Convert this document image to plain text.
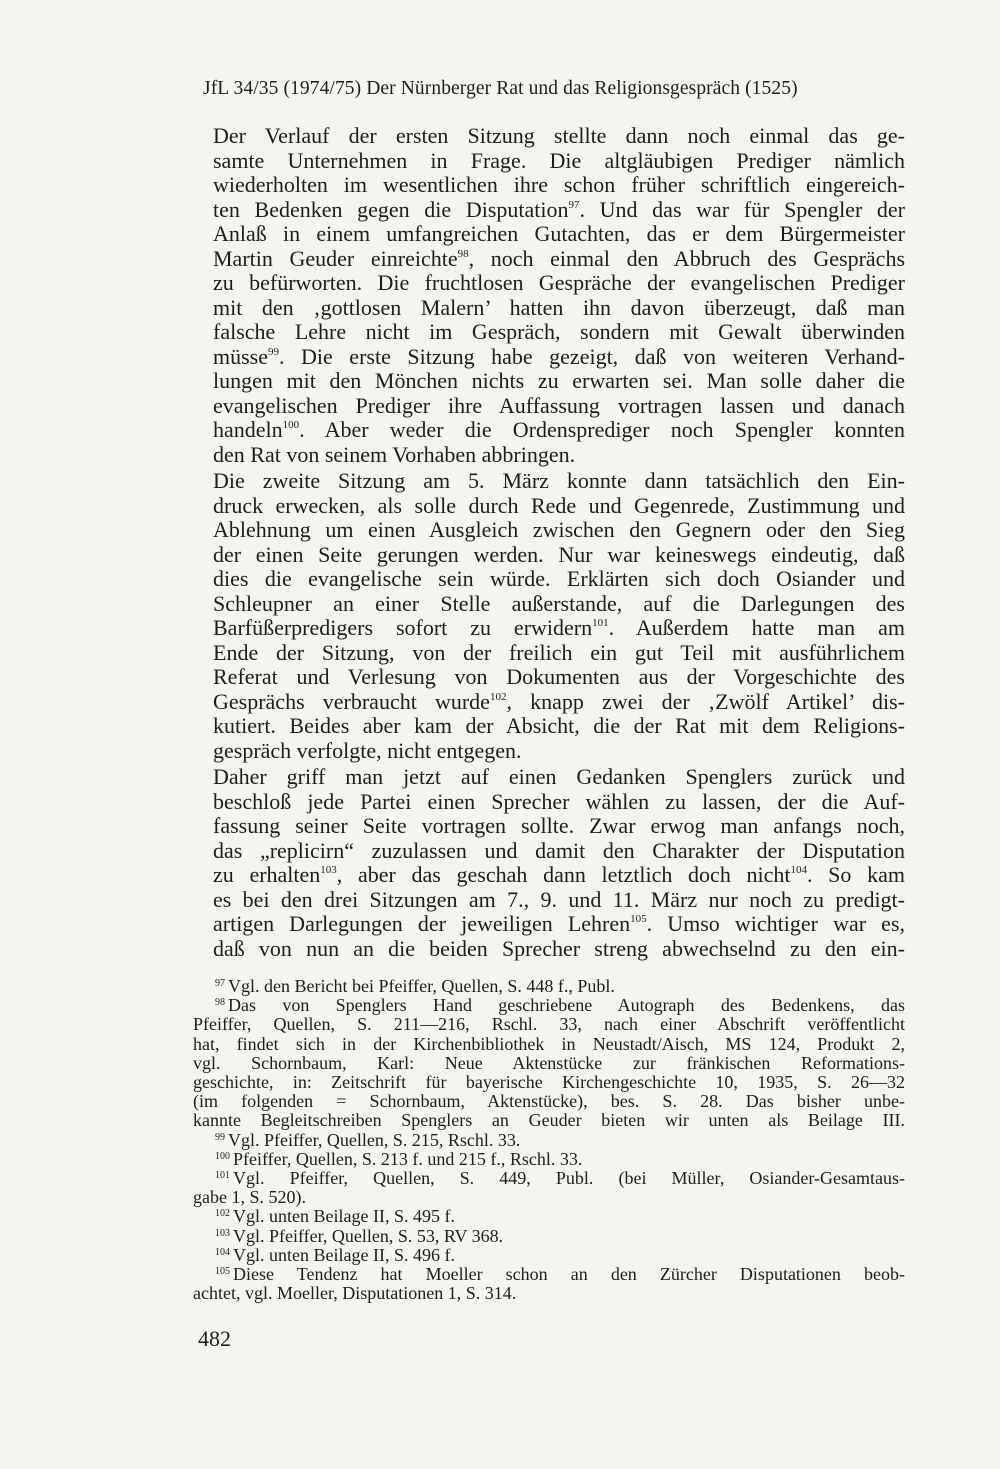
JfL 34/35 (1974/75) Der Nürnberger Rat und das Religionsgespräch (1525)

Der Verlauf der ersten Sitzung stellte dann noch einmal das ge-
samte Unternehmen in Frage. Die altgläubigen Prediger nämlich
wiederholten im wesentlichen ihre schon früher schriftlich eingereich-
ten Bedenken gegen die Disputation$^{97}$. Und das war für Spengler der
Anlaß in einem umfangreichen Gutachten, das er dem Bürgermeister
Martin Geuder einreichte$^{98}$, noch einmal den Abbruch des Gesprächs
zu befürworten. Die fruchtlosen Gespräche der evangelischen Prediger
mit den ‚gottlosen Malern’ hatten ihn davon überzeugt, daß man
falsche Lehre nicht im Gespräch, sondern mit Gewalt überwinden
müsse$^{99}$. Die erste Sitzung habe gezeigt, daß von weiteren Verhand-
lungen mit den Mönchen nichts zu erwarten sei. Man solle daher die
evangelischen Prediger ihre Auffassung vortragen lassen und danach
handeln$^{100}$. Aber weder die Ordensprediger noch Spengler konnten
den Rat von seinem Vorhaben abbringen.

Die zweite Sitzung am 5. März konnte dann tatsächlich den Ein-
druck erwecken, als solle durch Rede und Gegenrede, Zustimmung und
Ablehnung um einen Ausgleich zwischen den Gegnern oder den Sieg
der einen Seite gerungen werden. Nur war keineswegs eindeutig, daß
dies die evangelische sein würde. Erklärten sich doch Osiander und
Schleupner an einer Stelle außerstande, auf die Darlegungen des
Barfüßerpredigers sofort zu erwidern$^{101}$. Außerdem hatte man am
Ende der Sitzung, von der freilich ein gut Teil mit ausführlichem
Referat und Verlesung von Dokumenten aus der Vorgeschichte des
Gesprächs verbraucht wurde$^{102}$, knapp zwei der ‚Zwölf Artikel’ dis-
kutiert. Beides aber kam der Absicht, die der Rat mit dem Religions-
gespräch verfolgte, nicht entgegen.

Daher griff man jetzt auf einen Gedanken Spenglers zurück und
beschloß jede Partei einen Sprecher wählen zu lassen, der die Auf-
fassung seiner Seite vortragen sollte. Zwar erwog man anfangs noch,
das „replicirn“ zuzulassen und damit den Charakter der Disputation
zu erhalten$^{103}$, aber das geschah dann letztlich doch nicht$^{104}$. So kam
es bei den drei Sitzungen am 7., 9. und 11. März nur noch zu predigt-
artigen Darlegungen der jeweiligen Lehren$^{105}$. Umso wichtiger war es,
daß von nun an die beiden Sprecher streng abwechselnd zu den ein-

$^{97}$ Vgl. den Bericht bei Pfeiffer, Quellen, S. 448 f., Publ.
$^{98}$ Das von Spenglers Hand geschriebene Autograph des Bedenkens, das
Pfeiffer, Quellen, S. 211—216, Rschl. 33, nach einer Abschrift veröffentlicht
hat, findet sich in der Kirchenbibliothek in Neustadt/Aisch, MS 124, Produkt 2,
vgl. Schornbaum, Karl: Neue Aktenstücke zur fränkischen Reformations-
geschichte, in: Zeitschrift für bayerische Kirchengeschichte 10, 1935, S. 26—32
(im folgenden = Schornbaum, Aktenstücke), bes. S. 28. Das bisher unbe-
kannte Begleitschreiben Spenglers an Geuder bieten wir unten als Beilage III.
$^{99}$ Vgl. Pfeiffer, Quellen, S. 215, Rschl. 33.
$^{100}$ Pfeiffer, Quellen, S. 213 f. und 215 f., Rschl. 33.
$^{101}$ Vgl. Pfeiffer, Quellen, S. 449, Publ. (bei Müller, Osiander-Gesamtaus-
gabe 1, S. 520).
$^{102}$ Vgl. unten Beilage II, S. 495 f.
$^{103}$ Vgl. Pfeiffer, Quellen, S. 53, RV 368.
$^{104}$ Vgl. unten Beilage II, S. 496 f.
$^{105}$ Diese Tendenz hat Moeller schon an den Zürcher Disputationen beob-
achtet, vgl. Moeller, Disputationen 1, S. 314.
482
